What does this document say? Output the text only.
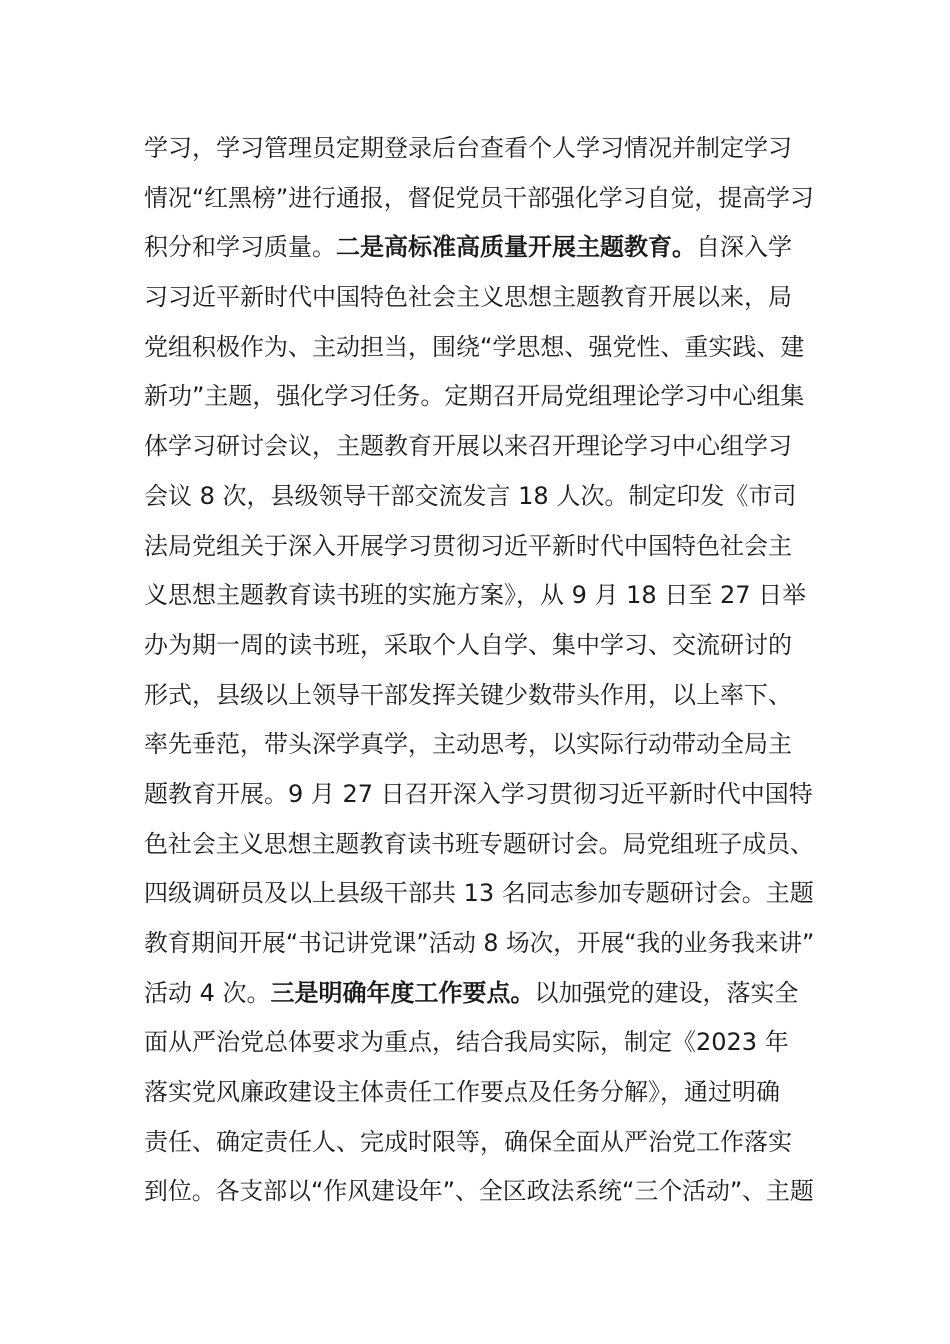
学习，学习管理员定期登录后台查看个人学习情况并制定学习
情况“红黑榜”进行通报，督促党员干部强化学习自觉，提高学习
积分和学习质量。二是高标准高质量开展主题教育。自深入学
习习近平新时代中国特色社会主义思想主题教育开展以来，局
党组积极作为、主动担当，围绕“学思想、强党性、重实践、建
新功”主题，强化学习任务。定期召开局党组理论学习中心组集
体学习研讨会议，主题教育开展以来召开理论学习中心组学习
会议 8 次，县级领导干部交流发言 18 人次。制定印发《市司
法局党组关于深入开展学习贯彻习近平新时代中国特色社会主
义思想主题教育读书班的实施方案》，从 9 月 18 日至 27 日举
办为期一周的读书班，采取个人自学、集中学习、交流研讨的
形式，县级以上领导干部发挥关键少数带头作用，以上率下、
率先垂范，带头深学真学，主动思考，以实际行动带动全局主
题教育开展。9 月 27 日召开深入学习贯彻习近平新时代中国特
色社会主义思想主题教育读书班专题研讨会。局党组班子成员、
四级调研员及以上县级干部共 13 名同志参加专题研讨会。主题
教育期间开展“书记讲党课”活动 8 场次，开展“我的业务我来讲”
活动 4 次。三是明确年度工作要点。以加强党的建设，落实全
面从严治党总体要求为重点，结合我局实际，制定《2023 年
落实党风廉政建设主体责任工作要点及任务分解》，通过明确
责任、确定责任人、完成时限等，确保全面从严治党工作落实
到位。各支部以“作风建设年”、全区政法系统“三个活动”、主题
